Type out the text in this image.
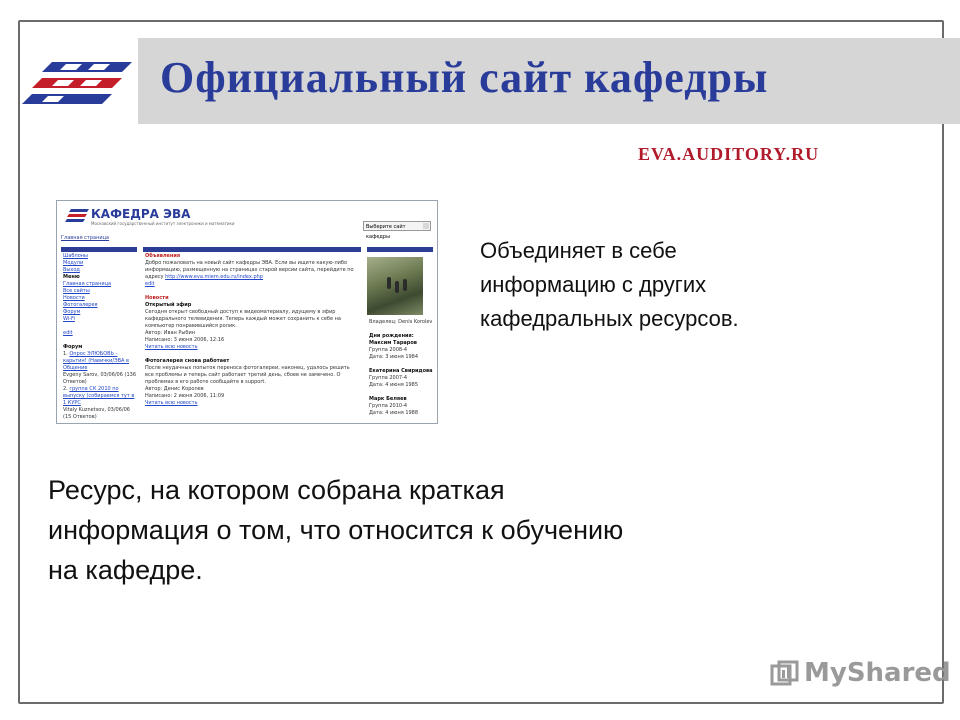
Официальный сайт кафедры
EVA.AUDITORY.RU
КАФЕДРА ЭВА
Московский государственный институт электроники и математики
Выберите сайт кафедры
Главная страница
Шаблоны
Модули
Выход
Меню
Главная страница
Все сайты
Новости
Фотогалерея
Форум
Wi-Fi

edit

Форум
1. Опрос ЭЛЮБОВЬ - карьтин! (Навички/ЭВА в Общение
Evgeny Sarov, 03/06/06 (136 Ответов)
2. группа СК 2010 по выпуску (собираемся тут в 1 КУРС
Vitaly Kuznetsov, 03/06/06 (15 Ответов)
Объявления
Добро пожаловать на новый сайт кафедры ЭВА. Если вы ищите какую-либо информацию, размещенную на страницах старой версии сайта, перейдите по адресу http://www.eva.miem.edu.ru/index.php
edit

Новости
Открытый эфир
Сегодня открыт свободный доступ к видеоматериалу, идущему в эфир кафедрального телевидения. Теперь каждый может сохранить к себе на компьютер понравившийся ролик.
Автор: Иван Рыбин
Написано: 3 июня 2006, 12:16
Читать всю новость

Фотогалерея снова работает
После неудачных попыток переноса фотогалереи, наконец, удалось решить все проблемы и теперь сайт работает третий день, сбоев не замечено. О проблемах в его работе сообщайте в support.
Автор: Денис Королев
Написано: 2 июня 2006, 11:09
Читать всю новость
Владелец: Denis Korolev

Дни рождения: Максим Тараров
Группа 2008-4
Дата: 3 июня 1984

Екатерина Свиридова
Группа 2007-4
Дата: 4 июня 1985

Марк Беляев
Группа 2010-4
Дата: 4 июня 1988
Объединяет в себе
информацию с других
кафедральных ресурсов.
Ресурс, на котором собрана краткая
информация о том, что относится к обучению
на кафедре.
MyShared
